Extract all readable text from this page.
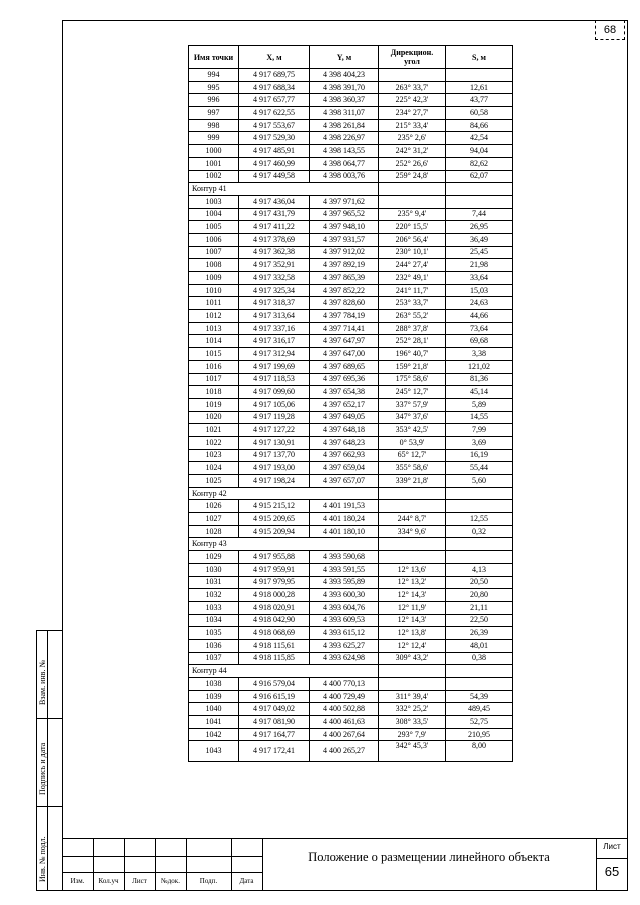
68
Взам. инв. №
Подпись и дата
Инв. № подл.
Имя точки	X, м	Y, м	Дирекцион. угол	S, м
994	4 917 689,75	4 398 404,23		
995	4 917 688,34	4 398 391,70	263° 33,7'	12,61
996	4 917 657,77	4 398 360,37	225° 42,3'	43,77
997	4 917 622,55	4 398 311,07	234° 27,7'	60,58
998	4 917 553,67	4 398 261,84	215° 33,4'	84,66
999	4 917 529,30	4 398 226,97	235° 2,6'	42,54
1000	4 917 485,91	4 398 143,55	242° 31,2'	94,04
1001	4 917 460,99	4 398 064,77	252° 26,6'	82,62
1002	4 917 449,58	4 398 003,76	259° 24,8'	62,07
Контур 41				
1003	4 917 436,04	4 397 971,62		
1004	4 917 431,79	4 397 965,52	235° 9,4'	7,44
1005	4 917 411,22	4 397 948,10	220° 15,5'	26,95
1006	4 917 378,69	4 397 931,57	206° 56,4'	36,49
1007	4 917 362,38	4 397 912,02	230° 10,1'	25,45
1008	4 917 352,91	4 397 892,19	244° 27,4'	21,98
1009	4 917 332,58	4 397 865,39	232° 49,1'	33,64
1010	4 917 325,34	4 397 852,22	241° 11,7'	15,03
1011	4 917 318,37	4 397 828,60	253° 33,7'	24,63
1012	4 917 313,64	4 397 784,19	263° 55,2'	44,66
1013	4 917 337,16	4 397 714,41	288° 37,8'	73,64
1014	4 917 316,17	4 397 647,97	252° 28,1'	69,68
1015	4 917 312,94	4 397 647,00	196° 40,7'	3,38
1016	4 917 199,69	4 397 689,65	159° 21,8'	121,02
1017	4 917 118,53	4 397 695,36	175° 58,6'	81,36
1018	4 917 099,60	4 397 654,38	245° 12,7'	45,14
1019	4 917 105,06	4 397 652,17	337° 57,9'	5,89
1020	4 917 119,28	4 397 649,05	347° 37,6'	14,55
1021	4 917 127,22	4 397 648,18	353° 42,5'	7,99
1022	4 917 130,91	4 397 648,23	0° 53,9'	3,69
1023	4 917 137,70	4 397 662,93	65° 12,7'	16,19
1024	4 917 193,00	4 397 659,04	355° 58,6'	55,44
1025	4 917 198,24	4 397 657,07	339° 21,8'	5,60
Контур 42				
1026	4 915 215,12	4 401 191,53		
1027	4 915 209,65	4 401 180,24	244° 8,7'	12,55
1028	4 915 209,94	4 401 180,10	334° 9,6'	0,32
Контур 43				
1029	4 917 955,88	4 393 590,68		
1030	4 917 959,91	4 393 591,55	12° 13,6'	4,13
1031	4 917 979,95	4 393 595,89	12° 13,2'	20,50
1032	4 918 000,28	4 393 600,30	12° 14,3'	20,80
1033	4 918 020,91	4 393 604,76	12° 11,9'	21,11
1034	4 918 042,90	4 393 609,53	12° 14,3'	22,50
1035	4 918 068,69	4 393 615,12	12° 13,8'	26,39
1036	4 918 115,61	4 393 625,27	12° 12,4'	48,01
1037	4 918 115,85	4 393 624,98	309° 43,2'	0,38
Контур 44				
1038	4 916 579,04	4 400 770,13		
1039	4 916 615,19	4 400 729,49	311° 39,4'	54,39
1040	4 917 049,02	4 400 502,88	332° 25,2'	489,45
1041	4 917 081,90	4 400 461,63	308° 33,5'	52,75
1042	4 917 164,77	4 400 267,64	293° 7,9'	210,95
1043	4 917 172,41	4 400 265,27	342° 45,3'	8,00
Изм.	Кол.уч	Лист	№док.	Подп.	Дата
Положение о размещении линейного объекта
Лист
65
